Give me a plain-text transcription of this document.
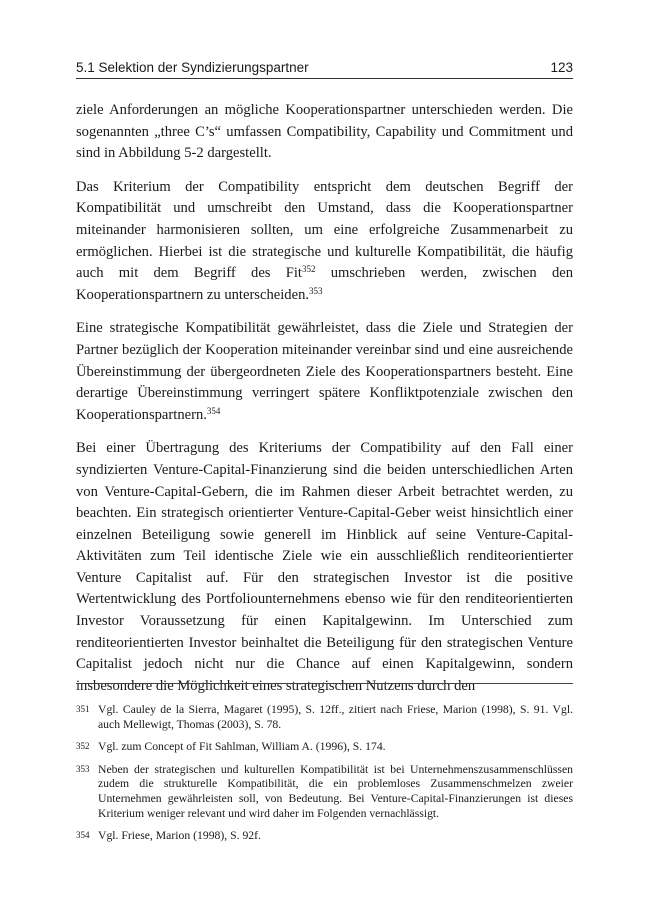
5.1 Selektion der Syndizierungspartner	123

ziele Anforderungen an mögliche Kooperationspartner unterschieden werden. Die sogenannten „three C’s“ umfassen Compatibility, Capability und Commitment und sind in Abbildung 5-2 dargestellt.

Das Kriterium der Compatibility entspricht dem deutschen Begriff der Kompatibilität und umschreibt den Umstand, dass die Kooperationspartner miteinander harmonisieren sollten, um eine erfolgreiche Zusammenarbeit zu ermöglichen. Hierbei ist die strategische und kulturelle Kompatibilität, die häufig auch mit dem Begriff des Fit$^{352}$ umschrieben werden, zwischen den Kooperationspartnern zu unterscheiden.$^{353}$

Eine strategische Kompatibilität gewährleistet, dass die Ziele und Strategien der Partner bezüglich der Kooperation miteinander vereinbar sind und eine ausreichende Übereinstimmung der übergeordneten Ziele des Kooperationspartners besteht. Eine derartige Übereinstimmung verringert spätere Konfliktpotenziale zwischen den Kooperationspartnern.$^{354}$

Bei einer Übertragung des Kriteriums der Compatibility auf den Fall einer syndizierten Venture-Capital-Finanzierung sind die beiden unterschiedlichen Arten von Venture-Capital-Gebern, die im Rahmen dieser Arbeit betrachtet werden, zu beachten. Ein strategisch orientierter Venture-Capital-Geber weist hinsichtlich einer einzelnen Beteiligung sowie generell im Hinblick auf seine Venture-Capital-Aktivitäten zum Teil identische Ziele wie ein ausschließlich renditeorientierter Venture Capitalist auf. Für den strategischen Investor ist die positive Wertentwicklung des Portfoliounternehmens ebenso wie für den renditeorientierten Investor Voraussetzung für einen Kapitalgewinn. Im Unterschied zum renditeorientierten Investor beinhaltet die Beteiligung für den strategischen Venture Capitalist jedoch nicht nur die Chance auf einen Kapitalgewinn, sondern insbesondere die Möglichkeit eines strategischen Nutzens durch den

351 Vgl. Cauley de la Sierra, Magaret (1995), S. 12ff., zitiert nach Friese, Marion (1998), S. 91. Vgl. auch Mellewigt, Thomas (2003), S. 78.
352 Vgl. zum Concept of Fit Sahlman, William A. (1996), S. 174.
353 Neben der strategischen und kulturellen Kompatibilität ist bei Unternehmenszusammenschlüssen zudem die strukturelle Kompatibilität, die ein problemloses Zusammenschmelzen zweier Unternehmen gewährleisten soll, von Bedeutung. Bei Venture-Capital-Finanzierungen ist dieses Kriterium weniger relevant und wird daher im Folgenden vernachlässigt.
354 Vgl. Friese, Marion (1998), S. 92f.
